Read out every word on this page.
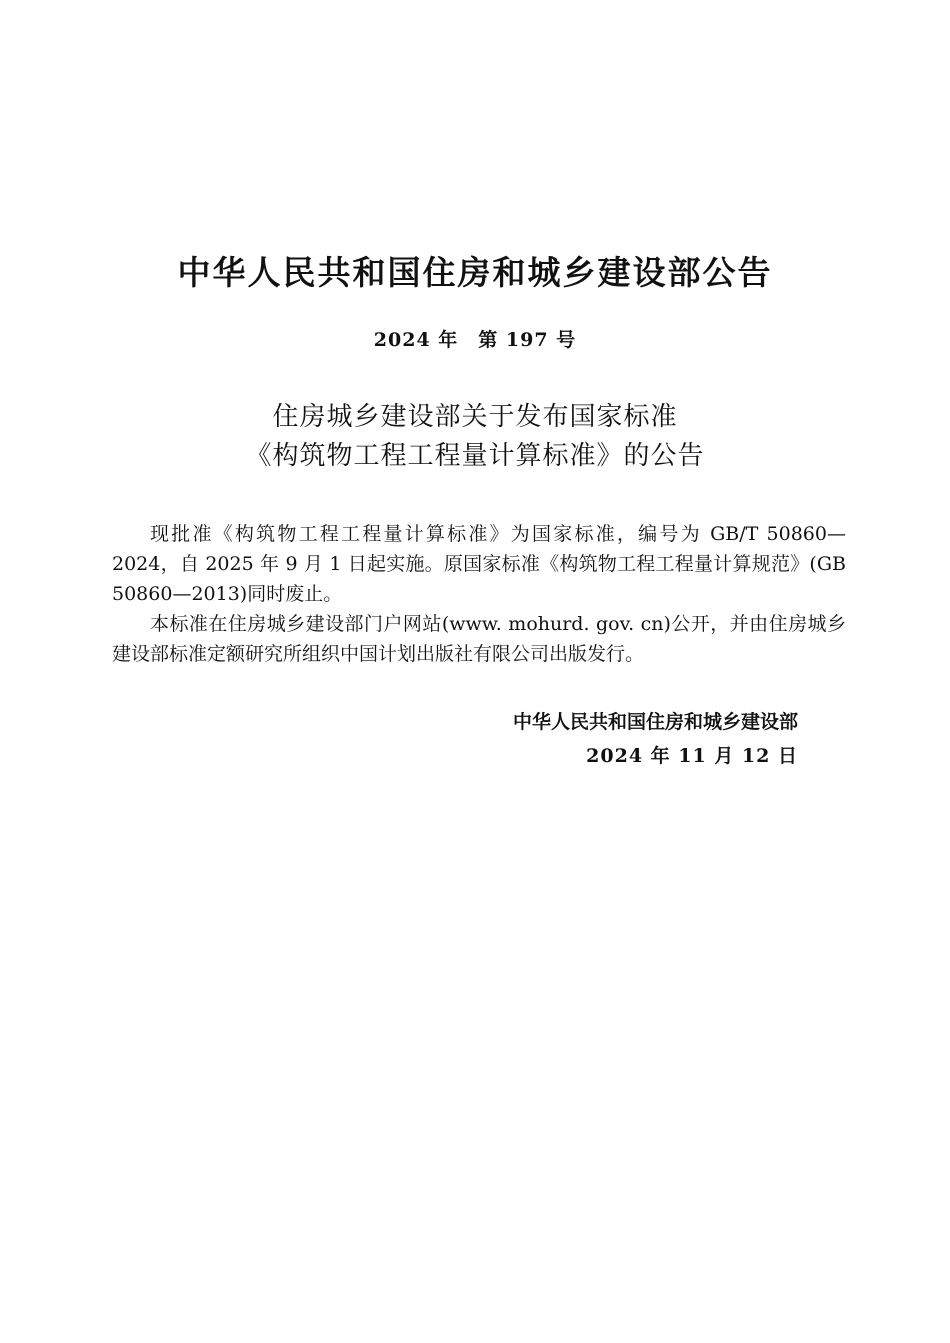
中华人民共和国住房和城乡建设部公告
2024 年　第 197 号
住房城乡建设部关于发布国家标准
《构筑物工程工程量计算标准》的公告

现批准《构筑物工程工程量计算标准》为国家标准，编号为 GB/T 50860—2024，自 2025 年 9 月 1 日起实施。原国家标准《构筑物工程工程量计算规范》(GB 50860—2013)同时废止。

本标准在住房城乡建设部门户网站(www. mohurd. gov. cn)公开，并由住房城乡建设部标准定额研究所组织中国计划出版社有限公司出版发行。

中华人民共和国住房和城乡建设部
2024 年 11 月 12 日
